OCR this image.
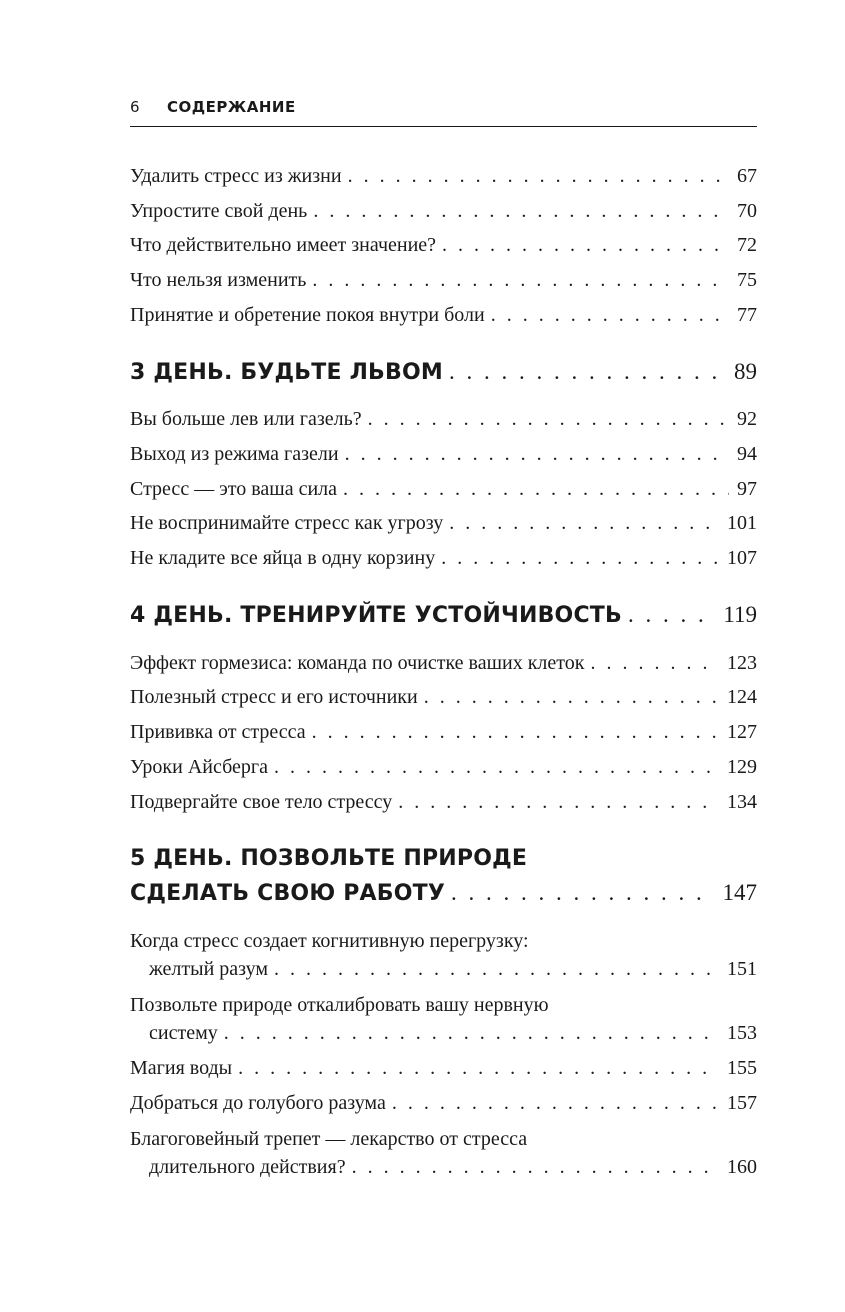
6 СОДЕРЖАНИЕ
Удалить стресс из жизни . . .	67
Упростите свой день . . .	70
Что действительно имеет значение? . . .	72
Что нельзя изменить . . .	75
Принятие и обретение покоя внутри боли . . .	77
3 ДЕНЬ. БУДЬТЕ ЛЬВОМ . . .	89
Вы больше лев или газель? . . .	92
Выход из режима газели . . .	94
Стресс — это ваша сила . . .	97
Не воспринимайте стресс как угрозу . . .	101
Не кладите все яйца в одну корзину . . .	107
4 ДЕНЬ. ТРЕНИРУЙТЕ УСТОЙЧИВОСТЬ . . .	119
Эффект гормезиса: команда по очистке ваших клеток . . .	123
Полезный стресс и его источники . . .	124
Прививка от стресса . . .	127
Уроки Айсберга . . .	129
Подвергайте свое тело стрессу . . .	134
5 ДЕНЬ. ПОЗВОЛЬТЕ ПРИРОДЕ
СДЕЛАТЬ СВОЮ РАБОТУ . . .	147
Когда стресс создает когнитивную перегрузку:
желтый разум . . .	151
Позвольте природе откалибровать вашу нервную
систему . . .	153
Магия воды . . .	155
Добраться до голубого разума . . .	157
Благоговейный трепет — лекарство от стресса
длительного действия? . . .	160
